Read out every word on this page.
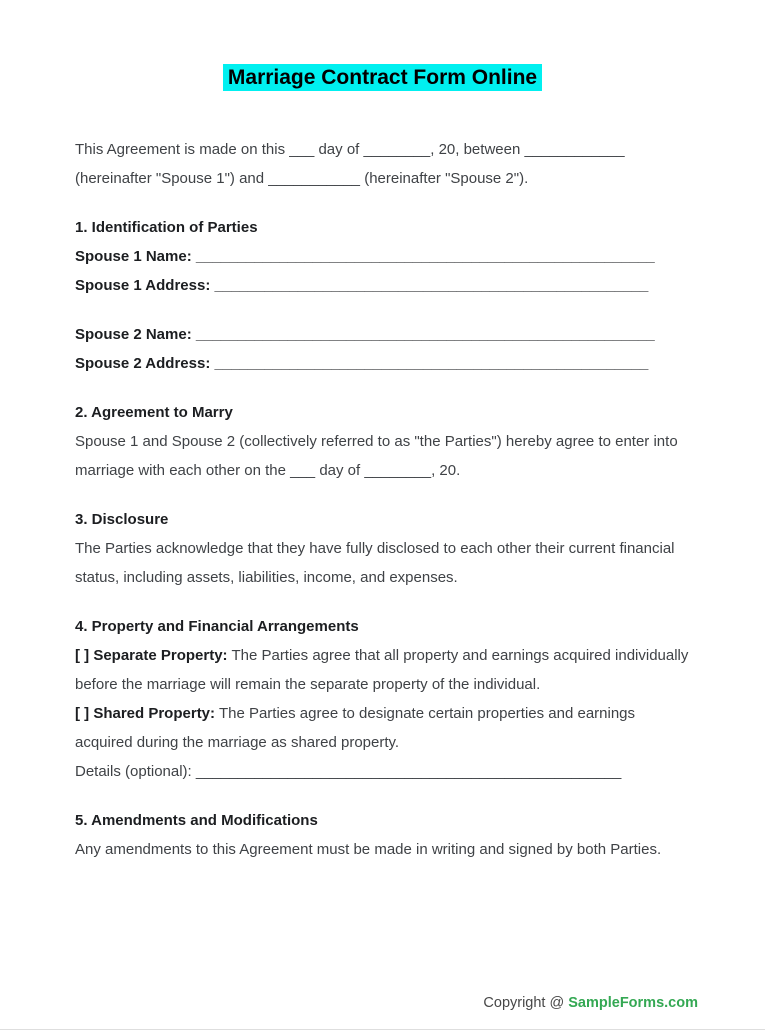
Marriage Contract Form Online

This Agreement is made on this ___ day of ________, 20, between ____________ (hereinafter "Spouse 1") and ___________ (hereinafter "Spouse 2").

1. Identification of Parties

Spouse 1 Name: _______________________________________________________

Spouse 1 Address: ____________________________________________________

Spouse 2 Name: _______________________________________________________

Spouse 2 Address: ____________________________________________________

2. Agreement to Marry

Spouse 1 and Spouse 2 (collectively referred to as "the Parties") hereby agree to enter into marriage with each other on the ___ day of ________, 20.

3. Disclosure

The Parties acknowledge that they have fully disclosed to each other their current financial status, including assets, liabilities, income, and expenses.

4. Property and Financial Arrangements

[ ] Separate Property: The Parties agree that all property and earnings acquired individually before the marriage will remain the separate property of the individual.

[ ] Shared Property: The Parties agree to designate certain properties and earnings acquired during the marriage as shared property.

Details (optional): ___________________________________________________

5. Amendments and Modifications

Any amendments to this Agreement must be made in writing and signed by both Parties.

Copyright @ SampleForms.com
